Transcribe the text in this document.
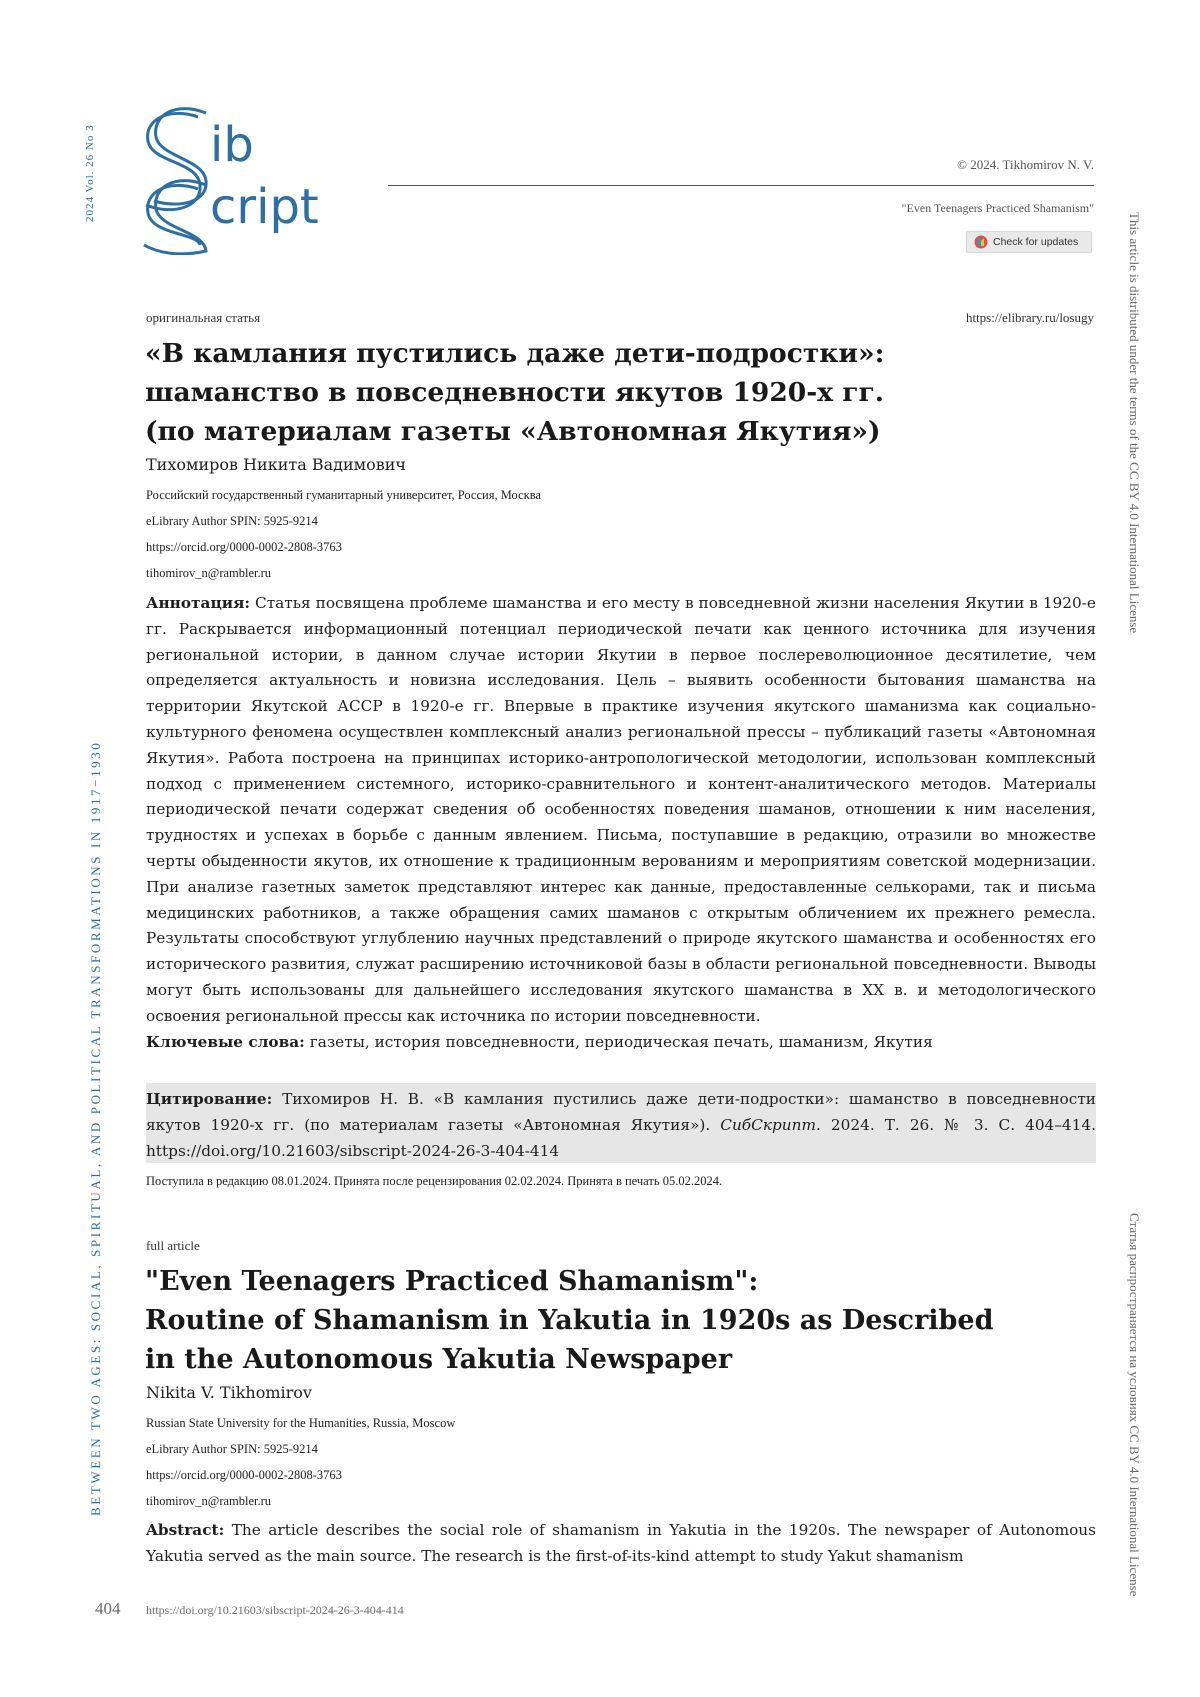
2024 Vol. 26 No 3
BETWEEN TWO AGES: SOCIAL, SPIRITUAL, AND POLITICAL TRANSFORMATIONS IN 1917−1930
This article is distributed under the terms of the CC BY 4.0 International License
Статья распространяется на условиях CC BY 4.0 International License
ib
cript
© 2024. Tikhomirov N. V.
"Even Teenagers Practiced Shamanism"
Check for updates
оригинальная статья	https://elibrary.ru/losugy
«В камлания пустились даже дети-подростки»:
шаманство в повседневности якутов 1920-х гг.
(по материалам газеты «Автономная Якутия»)
Тихомиров Никита Вадимович
Российский государственный гуманитарный университет, Россия, Москва
eLibrary Author SPIN: 5925-9214
https://orcid.org/0000-0002-2808-3763
tihomirov_n@rambler.ru
Аннотация: Статья посвящена проблеме шаманства и его месту в повседневной жизни населения Якутии в 1920-е гг. Раскрывается информационный потенциал периодической печати как ценного источника для изучения региональной истории, в данном случае истории Якутии в первое послереволюционное десятилетие, чем определяется актуальность и новизна исследования. Цель – выявить особенности бытования шаманства на территории Якутской АССР в 1920-е гг. Впервые в практике изучения якутского шаманизма как социально-культурного феномена осуществлен комплексный анализ региональной прессы – публикаций газеты «Автономная Якутия». Работа построена на принципах историко-антропологической методологии, использован комплексный подход с применением системного, историко-сравнительного и контент-аналитического методов. Материалы периодической печати содержат сведения об особенностях поведения шаманов, отношении к ним населения, трудностях и успехах в борьбе с данным явлением. Письма, поступавшие в редакцию, отразили во множестве черты обыденности якутов, их отношение к традиционным верованиям и мероприятиям советской модернизации. При анализе газетных заметок представляют интерес как данные, предоставленные селькорами, так и письма медицинских работников, а также обращения самих шаманов с открытым обличением их прежнего ремесла. Результаты способствуют углублению научных представлений о природе якутского шаманства и особенностях его исторического развития, служат расширению источниковой базы в области региональной повседневности. Выводы могут быть использованы для дальнейшего исследования якутского шаманства в XX в. и методологического освоения региональной прессы как источника по истории повседневности.
Ключевые слова: газеты, история повседневности, периодическая печать, шаманизм, Якутия
Цитирование: Тихомиров Н. В. «В камлания пустились даже дети-подростки»: шаманство в повседневности якутов 1920-х гг. (по материалам газеты «Автономная Якутия»). СибСкрипт. 2024. Т. 26. № 3. С. 404–414. https://doi.org/10.21603/sibscript-2024-26-3-404-414
Поступила в редакцию 08.01.2024. Принята после рецензирования 02.02.2024. Принята в печать 05.02.2024.
full article
"Even Teenagers Practiced Shamanism":
Routine of Shamanism in Yakutia in 1920s as Described
in the Autonomous Yakutia Newspaper
Nikita V. Tikhomirov
Russian State University for the Humanities, Russia, Moscow
eLibrary Author SPIN: 5925-9214
https://orcid.org/0000-0002-2808-3763
tihomirov_n@rambler.ru
Abstract: The article describes the social role of shamanism in Yakutia in the 1920s. The newspaper of Autonomous Yakutia served as the main source. The research is the first-of-its-kind attempt to study Yakut shamanism
404 https://doi.org/10.21603/sibscript-2024-26-3-404-414
